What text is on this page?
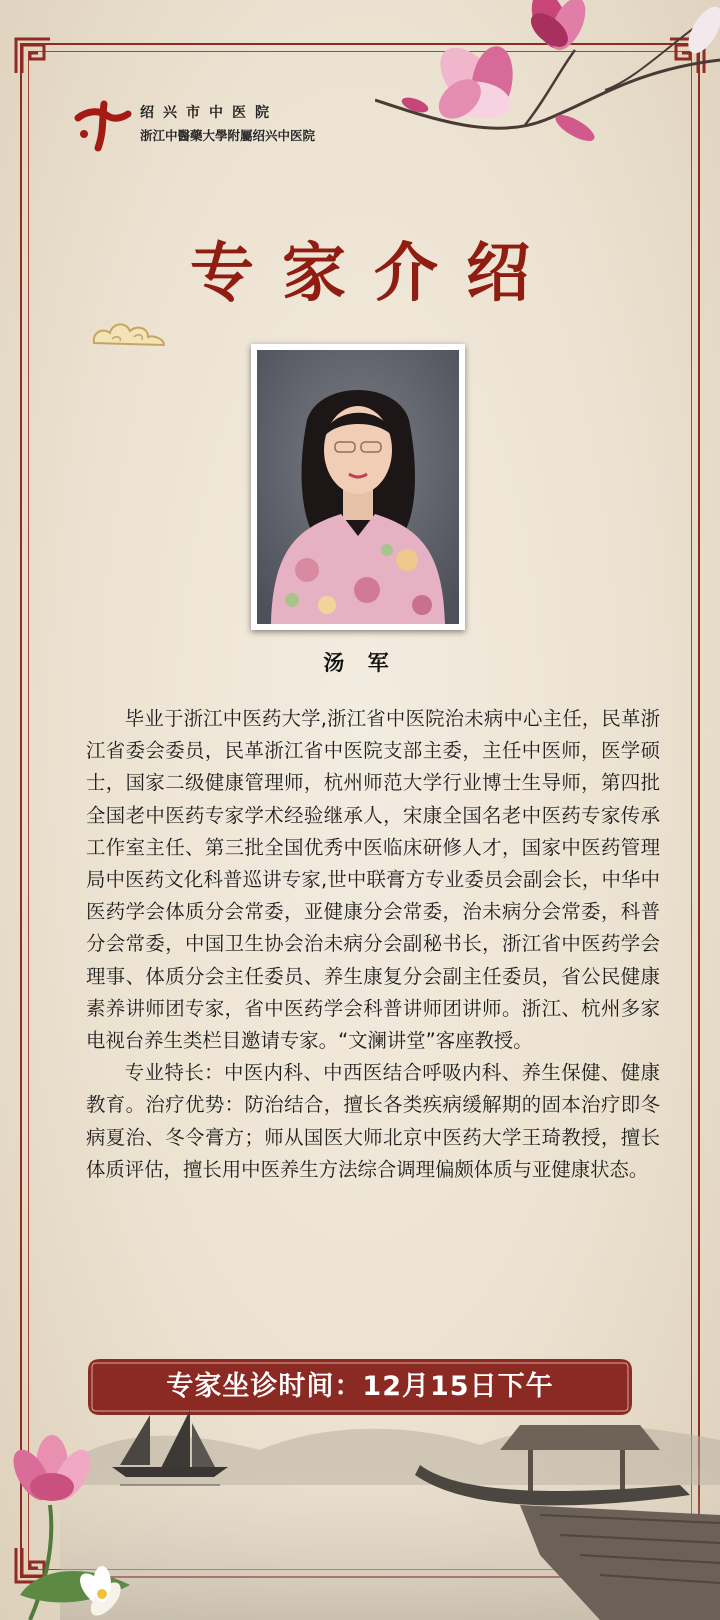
绍兴市中医院
浙江中醫藥大學附屬绍兴中医院
专家介绍
汤 军

毕业于浙江中医药大学,浙江省中医院治未病中心主任，民革浙江省委会委员，民革浙江省中医院支部主委，主任中医师，医学硕士，国家二级健康管理师，杭州师范大学行业博士生导师，第四批全国老中医药专家学术经验继承人，宋康全国名老中医药专家传承工作室主任、第三批全国优秀中医临床研修人才，国家中医药管理局中医药文化科普巡讲专家,世中联膏方专业委员会副会长，中华中医药学会体质分会常委，亚健康分会常委，治未病分会常委，科普分会常委，中国卫生协会治未病分会副秘书长，浙江省中医药学会理事、体质分会主任委员、养生康复分会副主任委员，省公民健康素养讲师团专家，省中医药学会科普讲师团讲师。浙江、杭州多家电视台养生类栏目邀请专家。“文澜讲堂”客座教授。

专业特长：中医内科、中西医结合呼吸内科、养生保健、健康教育。治疗优势：防治结合，擅长各类疾病缓解期的固本治疗即冬病夏治、冬令膏方；师从国医大师北京中医药大学王琦教授，擅长体质评估，擅长用中医养生方法综合调理偏颇体质与亚健康状态。

专家坐诊时间：12月15日下午
